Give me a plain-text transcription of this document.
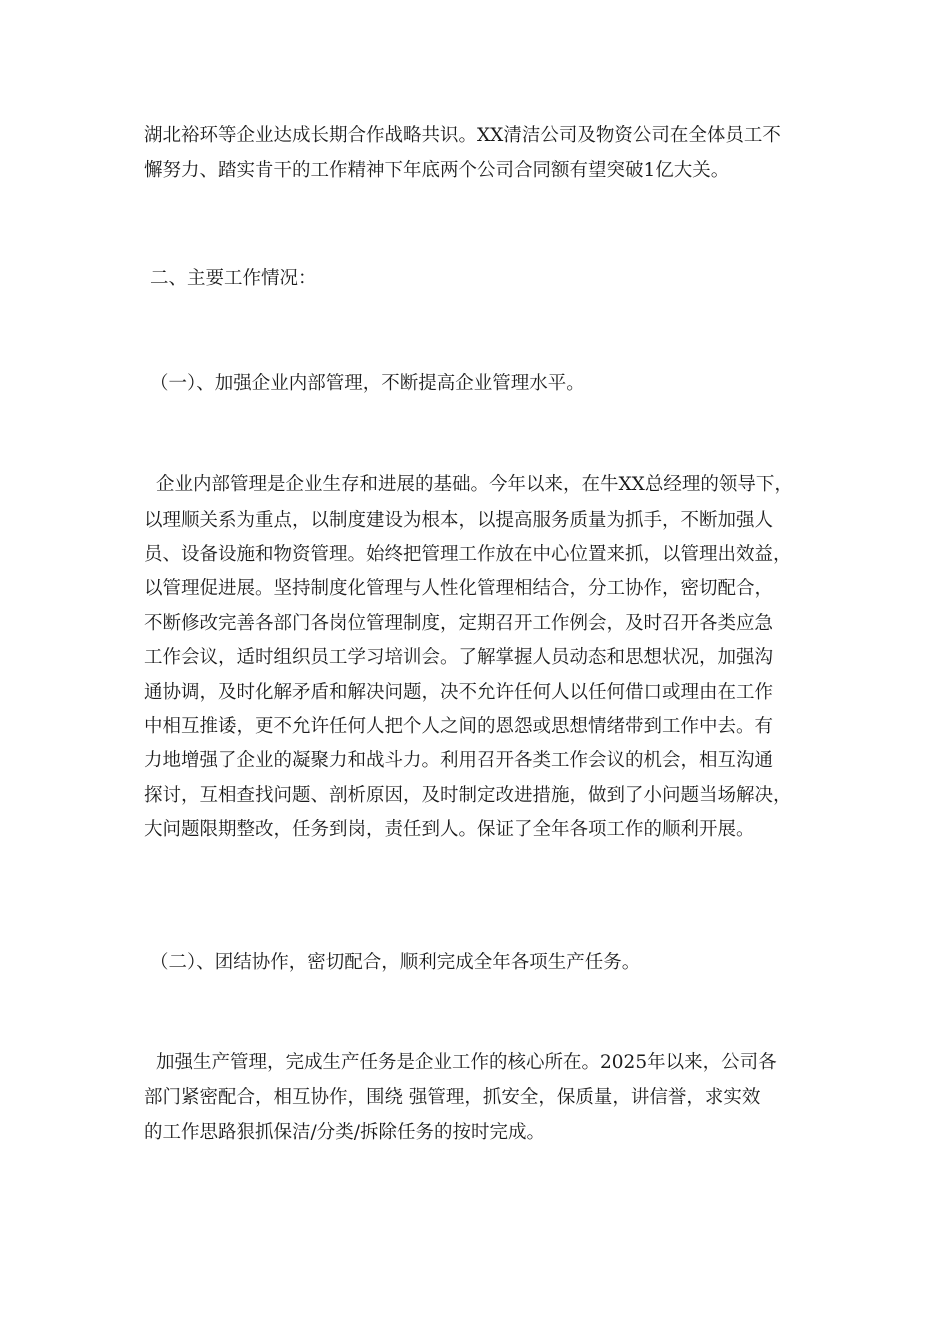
湖北裕环等企业达成长期合作战略共识。XX清洁公司及物资公司在全体员工不
懈努力、踏实肯干的工作精神下年底两个公司合同额有望突破1亿大关。
二、主要工作情况：
（一）、加强企业内部管理，不断提高企业管理水平。
企业内部管理是企业生存和进展的基础。今年以来，在牛XX总经理的领导下，
以理顺关系为重点，以制度建设为根本，以提高服务质量为抓手，不断加强人
员、设备设施和物资管理。始终把管理工作放在中心位置来抓，以管理出效益，
以管理促进展。坚持制度化管理与人性化管理相结合，分工协作，密切配合，
不断修改完善各部门各岗位管理制度，定期召开工作例会，及时召开各类应急
工作会议，适时组织员工学习培训会。了解掌握人员动态和思想状况，加强沟
通协调，及时化解矛盾和解决问题，决不允许任何人以任何借口或理由在工作
中相互推诿，更不允许任何人把个人之间的恩怨或思想情绪带到工作中去。有
力地增强了企业的凝聚力和战斗力。利用召开各类工作会议的机会，相互沟通
探讨，互相查找问题、剖析原因，及时制定改进措施，做到了小问题当场解决，
大问题限期整改，任务到岗，责任到人。保证了全年各项工作的顺利开展。
（二）、团结协作，密切配合，顺利完成全年各项生产任务。
加强生产管理，完成生产任务是企业工作的核心所在。2025年以来，公司各
部门紧密配合，相互协作，围绕 强管理，抓安全，保质量，讲信誉，求实效
的工作思路狠抓保洁/分类/拆除任务的按时完成。
